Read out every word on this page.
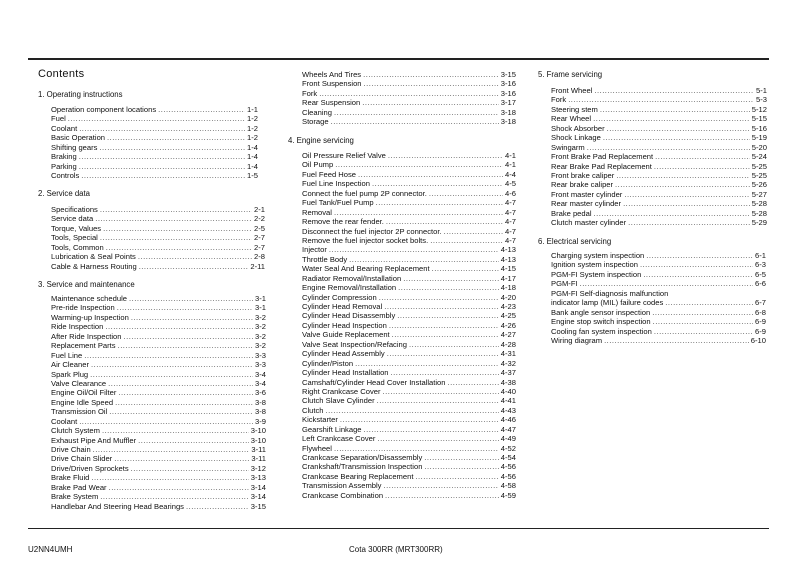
Contents
1. Operating instructions
Operation component locations .....	1-1
Fuel .....	1-2
Coolant .....	1-2
Basic Operation .....	1-2
Shifting gears .....	1-4
Braking .....	1-4
Parking .....	1-4
Controls .....	1-5
2. Service data
Specifications .....	2-1
Service data .....	2-2
Torque, Values .....	2-5
Tools, Special .....	2-7
Tools, Common .....	2-7
Lubrication & Seal Points .....	2-8
Cable & Harness Routing .....	2-11
3. Service and maintenance
Maintenance schedule .....	3-1
Pre-ride Inspection .....	3-1
Warming-up Inspection .....	3-2
Ride Inspection .....	3-2
After Ride Inspection .....	3-2
Replacement Parts .....	3-2
Fuel Line .....	3-3
Air Cleaner .....	3-3
Spark Plug .....	3-4
Valve Clearance .....	3-4
Engine Oil/Oil Filter .....	3-6
Engine Idle Speed .....	3-8
Transmission Oil .....	3-8
Coolant .....	3-9
Clutch System .....	3-10
Exhaust Pipe And Muffler .....	3-10
Drive Chain .....	3-11
Drive Chain Slider .....	3-11
Drive/Driven Sprockets .....	3-12
Brake Fluid .....	3-13
Brake Pad Wear .....	3-14
Brake System .....	3-14
Handlebar And Steering Head Bearings .....	3-15
Wheels And Tires .....	3-15
Front Suspension .....	3-16
Fork .....	3-16
Rear Suspension .....	3-17
Cleaning .....	3-18
Storage .....	3-18
4. Engine servicing
Oil Pressure Relief Valve .....	4-1
Oil Pump .....	4-1
Fuel Feed Hose .....	4-4
Fuel Line Inspection .....	4-5
Connect the fuel pump 2P connector. .....	4-6
Fuel Tank/Fuel Pump .....	4-7
Removal .....	4-7
Remove the rear fender. .....	4-7
Disconnect the fuel injector 2P connector. .....	4-7
Remove the fuel injector socket bolts. .....	4-7
Injector .....	4-13
Throttle Body .....	4-13
Water Seal And Bearing Replacement .....	4-15
Radiator Removal/Installation .....	4-17
Engine Removal/Installation .....	4-18
Cylinder Compression .....	4-20
Cylinder Head Removal .....	4-23
Cylinder Head Disassembly .....	4-25
Cylinder Head Inspection .....	4-26
Valve Guide Replacement .....	4-27
Valve Seat Inspection/Refacing .....	4-28
Cylinder Head Assembly .....	4-31
Cylinder/Piston .....	4-32
Cylinder Head Installation .....	4-37
Camshaft/Cylinder Head Cover Installation .....	4-38
Right Crankcase Cover .....	4-40
Clutch Slave Cylinder .....	4-41
Clutch .....	4-43
Kickstarter .....	4-46
Gearshift Linkage .....	4-47
Left Crankcase Cover .....	4-49
Flywheel .....	4-52
Crankcase Separation/Disassembly .....	4-54
Crankshaft/Transmission Inspection .....	4-56
Crankcase Bearing Replacement .....	4-56
Transmission Assembly .....	4-58
Crankcase Combination .....	4-59
5. Frame servicing
Front Wheel .....	5-1
Fork .....	5-3
Steering stem .....	5-12
Rear Wheel .....	5-15
Shock Absorber .....	5-16
Shock Linkage .....	5-19
Swingarm .....	5-20
Front Brake Pad Replacement .....	5-24
Rear Brake Pad Replacement .....	5-25
Front brake caliper .....	5-25
Rear brake caliper .....	5-26
Front master cylinder .....	5-27
Rear master cylinder .....	5-28
Brake pedal .....	5-28
Clutch master cylinder .....	5-29
6. Electrical servicing
Charging system inspection .....	6-1
Ignition system inspection .....	6-3
PGM-FI System inspection .....	6-5
PGM-FI .....	6-6
PGM-FI Self-diagnosis malfunction
indicator lamp (MIL) failure codes .....	6-7
Bank angle sensor inspection .....	6-8
Engine stop switch inspection .....	6-9
Cooling fan system inspection .....	6-9
Wiring diagram .....	6-10
U2NN4UMH	Cota 300RR (MRT300RR)
